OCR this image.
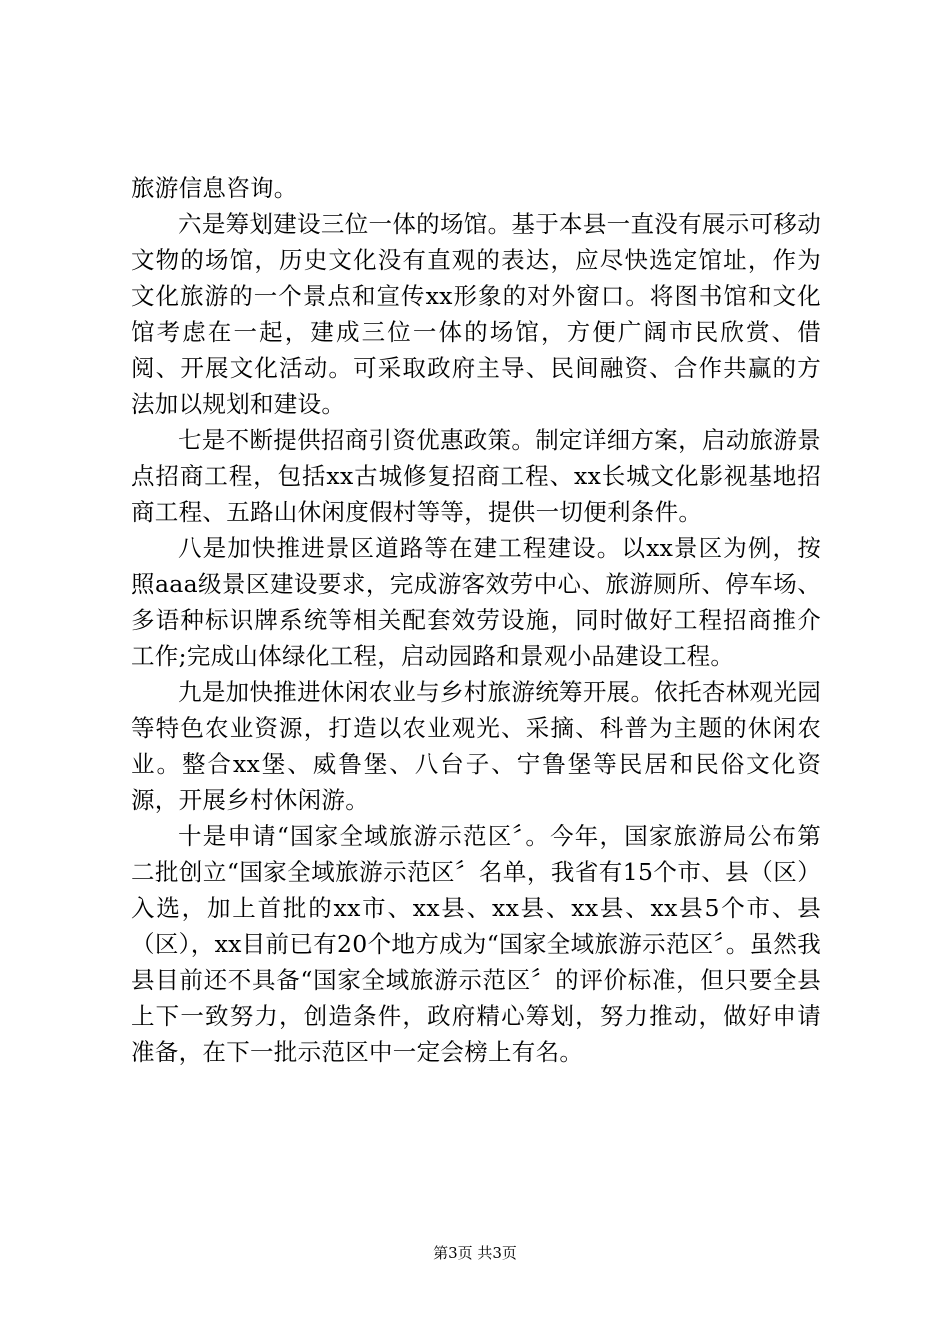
旅游信息咨询。

六是筹划建设三位一体的场馆。基于本县一直没有展示可移动文物的场馆，历史文化没有直观的表达，应尽快选定馆址，作为文化旅游的一个景点和宣传xx形象的对外窗口。将图书馆和文化馆考虑在一起，建成三位一体的场馆，方便广阔市民欣赏、借阅、开展文化活动。可采取政府主导、民间融资、合作共赢的方法加以规划和建设。

七是不断提供招商引资优惠政策。制定详细方案，启动旅游景点招商工程，包括xx古城修复招商工程、xx长城文化影视基地招商工程、五路山休闲度假村等等，提供一切便利条件。

八是加快推进景区道路等在建工程建设。以xx景区为例，按照aaa级景区建设要求，完成游客效劳中心、旅游厕所、停车场、多语种标识牌系统等相关配套效劳设施，同时做好工程招商推介工作;完成山体绿化工程，启动园路和景观小品建设工程。

九是加快推进休闲农业与乡村旅游统筹开展。依托杏林观光园等特色农业资源，打造以农业观光、采摘、科普为主题的休闲农业。整合xx堡、威鲁堡、八台子、宁鲁堡等民居和民俗文化资源，开展乡村休闲游。

十是申请“国家全域旅游示范区〞。今年，国家旅游局公布第二批创立“国家全域旅游示范区〞名单，我省有15个市、县（区）入选，加上首批的xx市、xx县、xx县、xx县、xx县5个市、县（区），xx目前已有20个地方成为“国家全域旅游示范区〞。虽然我县目前还不具备“国家全域旅游示范区〞的评价标准，但只要全县上下一致努力，创造条件，政府精心筹划，努力推动，做好申请准备，在下一批示范区中一定会榜上有名。

第3页 共3页
